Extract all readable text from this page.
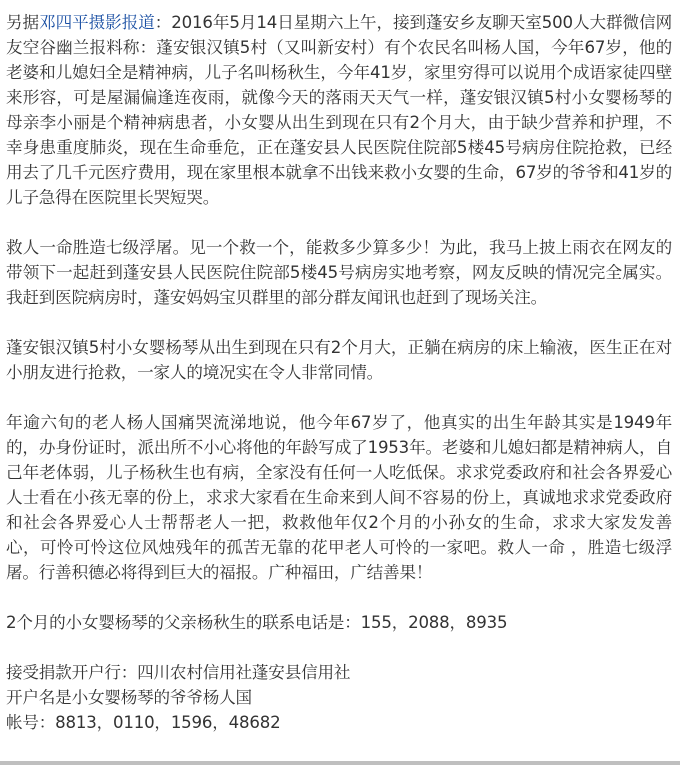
另据邓四平摄影报道：2016年5月14日星期六上午，接到蓬安乡友聊天室500人大群微信网友空谷幽兰报料称：蓬安银汉镇5村（又叫新安村）有个农民名叫杨人国，今年67岁，他的老婆和儿媳妇全是精神病，儿子名叫杨秋生，今年41岁，家里穷得可以说用个成语家徒四壁来形容，可是屋漏偏逢连夜雨，就像今天的落雨天天气一样，蓬安银汉镇5村小女婴杨琴的母亲李小丽是个精神病患者，小女婴从出生到现在只有2个月大，由于缺少营养和护理，不幸身患重度肺炎，现在生命垂危，正在蓬安县人民医院住院部5楼45号病房住院抢救，已经用去了几千元医疗费用，现在家里根本就拿不出钱来救小女婴的生命，67岁的爷爷和41岁的儿子急得在医院里长哭短哭。

救人一命胜造七级浮屠。见一个救一个，能救多少算多少！为此，我马上披上雨衣在网友的带领下一起赶到蓬安县人民医院住院部5楼45号病房实地考察，网友反映的情况完全属实。我赶到医院病房时，蓬安妈妈宝贝群里的部分群友闻讯也赶到了现场关注。

蓬安银汉镇5村小女婴杨琴从出生到现在只有2个月大，正躺在病房的床上输液，医生正在对小朋友进行抢救，一家人的境况实在令人非常同情。

年逾六旬的老人杨人国痛哭流涕地说，他今年67岁了，他真实的出生年龄其实是1949年的，办身份证时，派出所不小心将他的年龄写成了1953年。老婆和儿媳妇都是精神病人，自己年老体弱，儿子杨秋生也有病，全家没有任何一人吃低保。求求党委政府和社会各界爱心人士看在小孩无辜的份上，求求大家看在生命来到人间不容易的份上，真诚地求求党委政府和社会各界爱心人士帮帮老人一把，救救他年仅2个月的小孙女的生命，求求大家发发善心，可怜可怜这位风烛残年的孤苦无靠的花甲老人可怜的一家吧。救人一命 ，胜造七级浮屠。行善积德必将得到巨大的福报。广种福田，广结善果！

2个月的小女婴杨琴的父亲杨秋生的联系电话是：155，2088，8935

接受捐款开户行：四川农村信用社蓬安县信用社

开户名是小女婴杨琴的爷爷杨人国

帐号：8813，0110，1596，48682
